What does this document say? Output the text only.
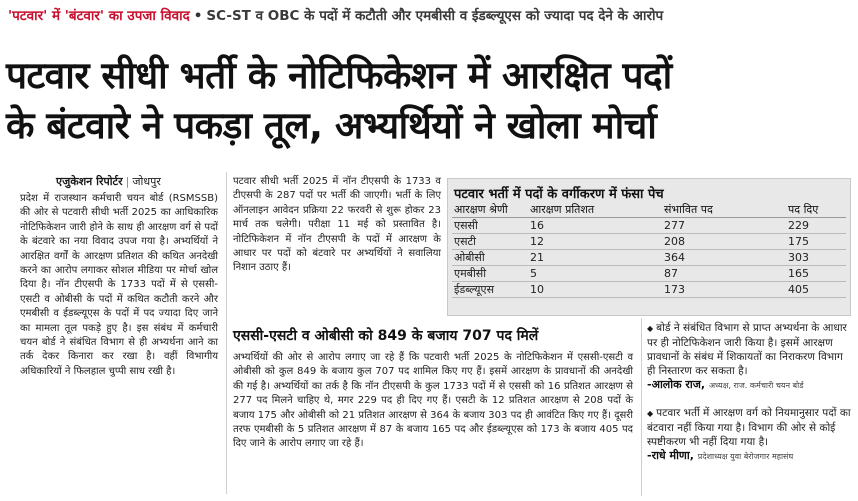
'पटवार' में 'बंटवार' का उपजा विवाद • SC-ST व OBC के पदों में कटौती और एमबीसी व ईडब्ल्यूएस को ज्यादा पद देने के आरोप
पटवार सीधी भर्ती के नोटिफिकेशन में आरक्षित पदों
के बंटवारे ने पकड़ा तूल, अभ्यर्थियों ने खोला मोर्चा
एजुकेशन रिपोर्टर | जोधपुर
प्रदेश में राजस्थान कर्मचारी चयन बोर्ड (RSMSSB) की ओर से पटवारी सीधी भर्ती 2025 का आधिकारिक नोटिफिकेशन जारी होने के साथ ही आरक्षण वर्ग से पदों के बंटवारे का नया विवाद उपज गया है। अभ्यर्थियों ने आरक्षित वर्गों के आरक्षण प्रतिशत की कथित अनदेखी करने का आरोप लगाकर सोशल मीडिया पर मोर्चा खोल दिया है। नॉन टीएसपी के 1733 पदों में से एससी-एसटी व ओबीसी के पदों में कथित कटौती करने और एमबीसी व ईडब्ल्यूएस के पदों में पद ज्यादा दिए जाने का मामला तूल पकड़े हुए है। इस संबंध में कर्मचारी चयन बोर्ड ने संबंधित विभाग से ही अभ्यर्थना आने का तर्क देकर किनारा कर रखा है। वहीं विभागीय अधिकारियों ने फिलहाल चुप्पी साध रखी है।
पटवार सीधी भर्ती 2025 में नॉन टीएसपी के 1733 व टीएसपी के 287 पदों पर भर्ती की जाएगी। भर्ती के लिए ऑनलाइन आवेदन प्रक्रिया 22 फरवरी से शुरू होकर 23 मार्च तक चलेगी। परीक्षा 11 मई को प्रस्तावित है। नोटिफिकेशन में नॉन टीएसपी के पदों में आरक्षण के आधार पर पदों को बंटवारे पर अभ्यर्थियों ने सवालिया निशान उठाए हैं।
पटवार भर्ती में पदों के वर्गीकरण में फंसा पेच
आरक्षण श्रेणी	आरक्षण प्रतिशत	संभावित पद	पद दिए
एससी	16	277	229
एसटी	12	208	175
ओबीसी	21	364	303
एमबीसी	5	87	165
ईडब्ल्यूएस	10	173	405
एससी-एसटी व ओबीसी को 849 के बजाय 707 पद मिलें
अभ्यर्थियों की ओर से आरोप लगाए जा रहे हैं कि पटवारी भर्ती 2025 के नोटिफिकेशन में एससी-एसटी व ओबीसी को कुल 849 के बजाय कुल 707 पद शामिल किए गए हैं। इसमें आरक्षण के प्रावधानों की अनदेखी की गई है। अभ्यर्थियों का तर्क है कि नॉन टीएसपी के कुल 1733 पदों में से एससी को 16 प्रतिशत आरक्षण से 277 पद मिलने चाहिए थे, मगर 229 पद ही दिए गए हैं। एसटी के 12 प्रतिशत आरक्षण से 208 पदों के बजाय 175 और ओबीसी को 21 प्रतिशत आरक्षण से 364 के बजाय 303 पद ही आवंटित किए गए हैं। दूसरी तरफ एमबीसी के 5 प्रतिशत आरक्षण में 87 के बजाय 165 पद और ईडब्ल्यूएस को 173 के बजाय 405 पद दिए जाने के आरोप लगाए जा रहे हैं।
◆ बोर्ड ने संबंधित विभाग से प्राप्त अभ्यर्थना के आधार पर ही नोटिफिकेशन जारी किया है। इसमें आरक्षण प्रावधानों के संबंध में शिकायतों का निराकरण विभाग ही निस्तारण कर सकता है।
-आलोक राज, अध्यक्ष, राज. कर्मचारी चयन बोर्ड
◆ पटवार भर्ती में आरक्षण वर्ग को नियमानुसार पदों का बंटवारा नहीं किया गया है। विभाग की ओर से कोई स्पष्टीकरण भी नहीं दिया गया है।
-राधे मीणा, प्रदेशाध्यक्ष युवा बेरोजगार महासंघ
